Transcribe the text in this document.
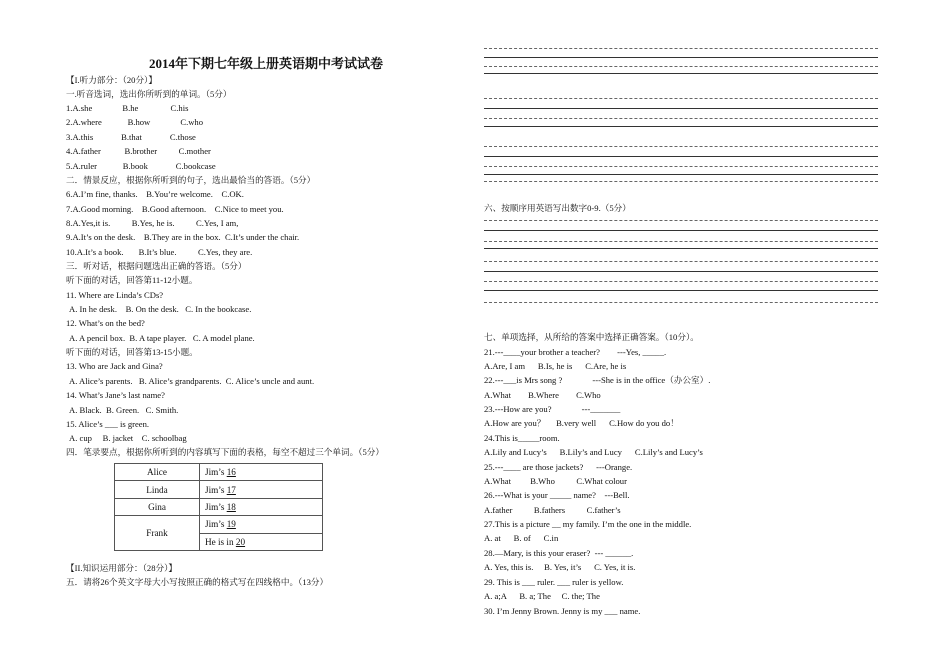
2014年下期七年级上册英语期中考试试卷
Alice	Jim’s 16
Linda	Jim’s 17
Gina	Jim’s 18
Frank	Jim’s 19
	He is in 20
【I.听力部分：（20分）】
一.听音选词，选出你所听到的单词。（5分）
1.A.she              B.he               C.his
2.A.where            B.how              C.who
3.A.this             B.that             C.those
4.A.father           B.brother          C.mother
5.A.ruler            B.book             C.bookcase
二．情景反应，根据你所听到的句子，选出最恰当的答语。（5分）
6.A.I’m fine, thanks.    B.You’re welcome.    C.OK.
7.A.Good morning.    B.Good afternoon.    C.Nice to meet you.
8.A.Yes,it is.          B.Yes, he is.          C.Yes, I am,
9.A.It’s on the desk.    B.They are in the box.  C.It’s under the chair.
10.A.It’s a book.       B.It’s blue.          C.Yes, they are.
三．听对话，根据问题选出正确的答语。（5分）
听下面的对话，回答第11-12小题。
11. Where are Linda’s CDs?
A. In he desk.    B. On the desk.   C. In the bookcase.
12. What’s on the bed?
A. A pencil box.  B. A tape player.   C. A model plane.
听下面的对话，回答第13-15小题。
13. Who are Jack and Gina?
A. Alice’s parents.   B. Alice’s grandparents.  C. Alice’s uncle and aunt.
14. What’s Jane’s last name?
A. Black.  B. Green.   C. Smith.
15. Alice’s ___ is green.
A. cup     B. jacket    C. schoolbag
四．笔录要点，根据你所听到的内容填写下面的表格，每空不超过三个单词。（5分）
【II.知识运用部分：（28分）】
五．请将26个英文字母大小写按照正确的格式写在四线格中。（13分）
六、按顺序用英语写出数字0-9.（5分）
七、单项选择，从所给的答案中选择正确答案。（10分）。
21.---____your brother a teacher?        ---Yes, _____.
A.Are, I am      B.Is, he is      C.Are, he is
22.---___is Mrs song ?              ---She is in the office（办公室）.
A.What        B.Where        C.Who
23.---How are you?              ---_______
A.How are you？     B.very well      C.How do you do！
24.This is_____room.
A.Lily and Lucy’s      B.Lily’s and Lucy      C.Lily’s and Lucy’s
25.---____ are those jackets?      ---Orange.
A.What         B.Who          C.What colour
26.---What is your _____ name?    ---Bell.
A.father          B.fathers          C.father’s
27.This is a picture __ my family. I’m the one in the middle.
A. at      B. of      C.in
28.—Mary, is this your eraser?  --- ______.
A. Yes, this is.     B. Yes, it’s      C. Yes, it is.
29. This is ___ ruler. ___ ruler is yellow.
A. a;A      B. a; The     C. the; The
30. I’m Jenny Brown. Jenny is my ___ name.
